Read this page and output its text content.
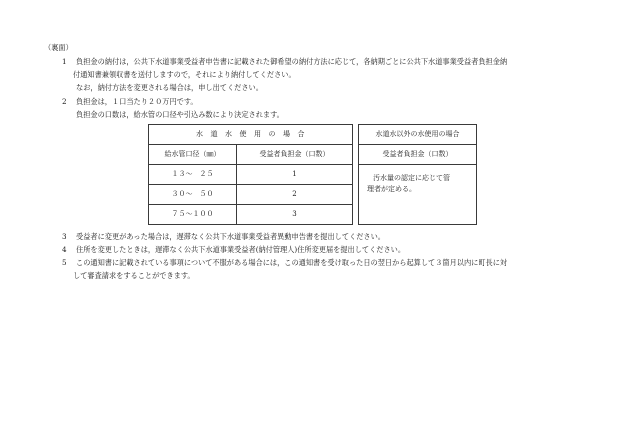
（裏面）
1 負担金の納付は，公共下水道事業受益者申告書に記載された御希望の納付方法に応じて，各納期ごとに公共下水道事業受益者負担金納
付通知書兼領収書を送付しますので，それにより納付してください。
なお，納付方法を変更される場合は，申し出てください。
2 負担金は，１口当たり２０万円です。
負担金の口数は，給水管の口径や引込み数により決定されます。
水道水使用の場合			水道水以外の水使用の場合
給水管口径（㎜）	受益者負担金（口数）		受益者負担金（口数）
１３～　２５	1		汚水量の認定に応じて管
理者が定める。

３０～　５０	2		
７５～１００	3		
3 受益者に変更があった場合は，遅滞なく公共下水道事業受益者異動申告書を提出してください。
4 住所を変更したときは，遅滞なく公共下水道事業受益者(納付管理人)住所変更届を提出してください。
5 この通知書に記載されている事項について不服がある場合には，この通知書を受け取った日の翌日から起算して３箇月以内に町長に対
して審査請求をすることができます。
